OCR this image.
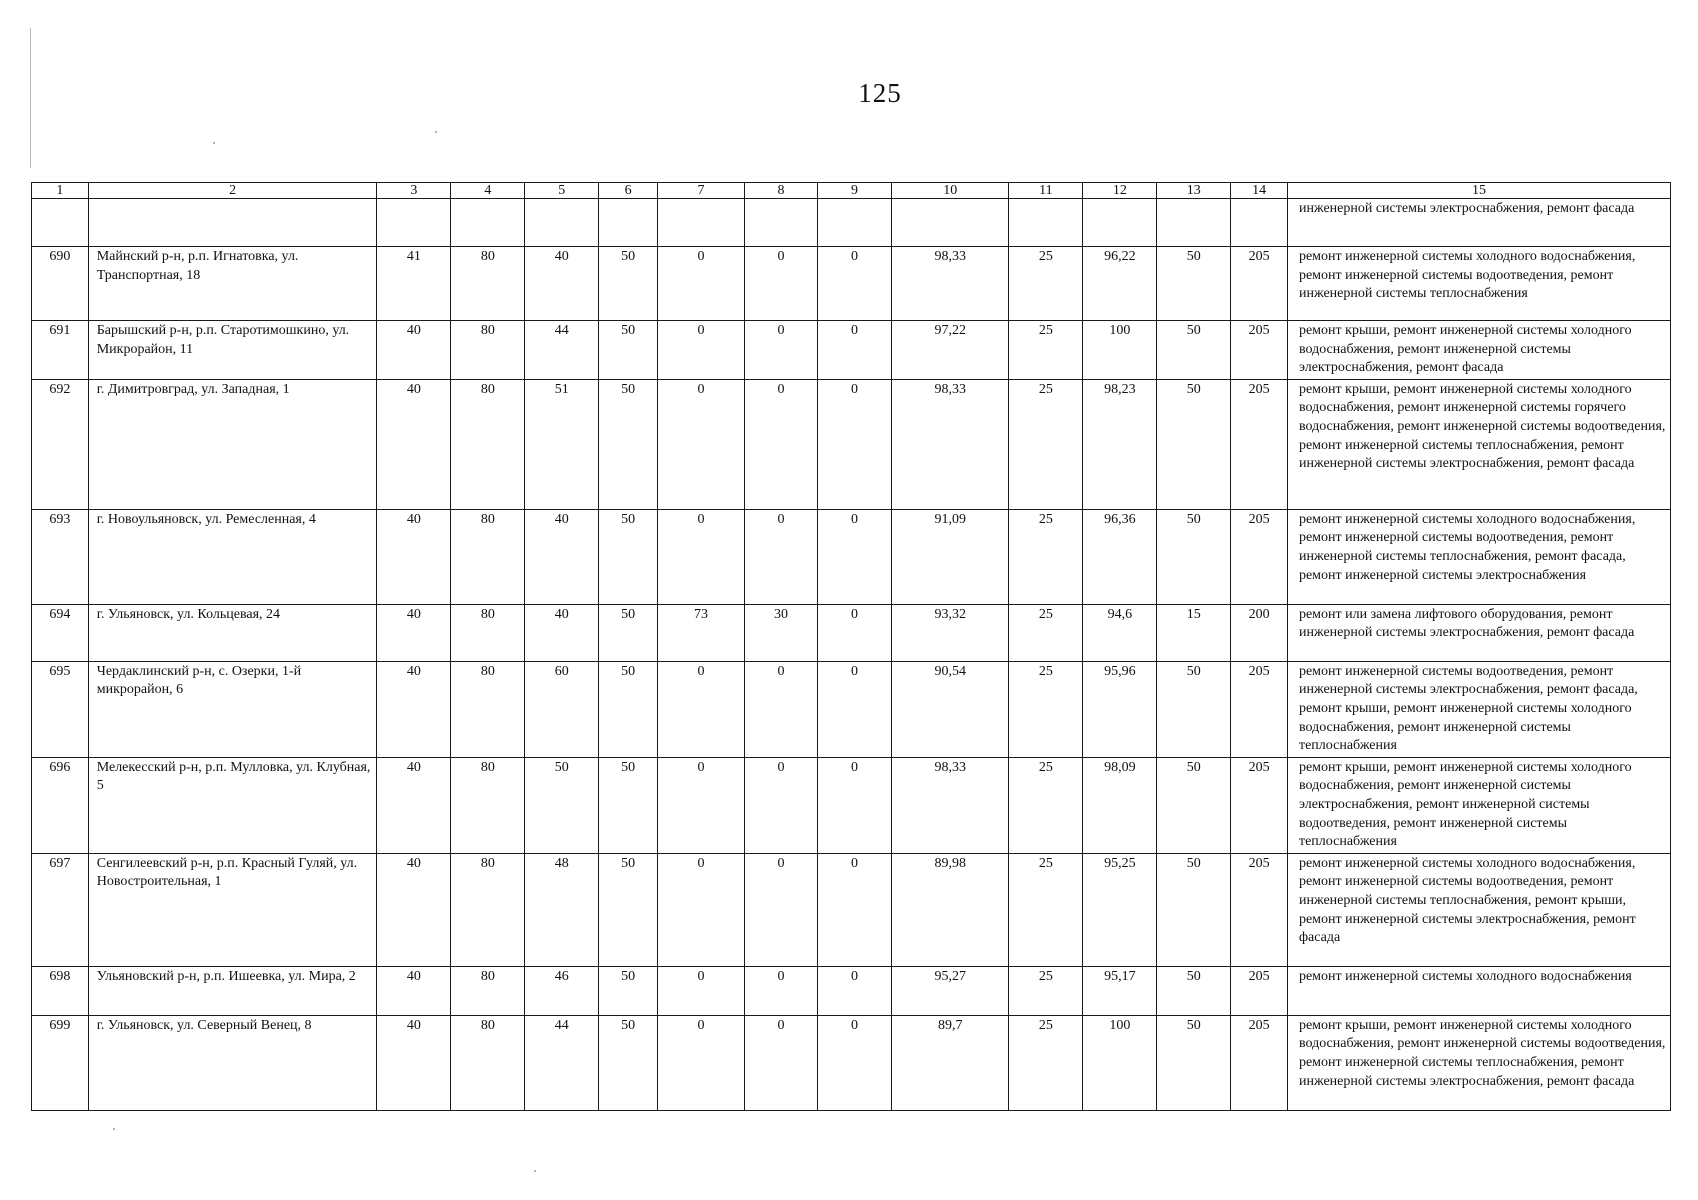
125
1	2	3	4	5	6	7	8	9	10	11	12	13	14	15
														инженерной системы электроснабжения, ремонт фасада
690	Майнский р-н, р.п. Игнатовка, ул. Транспортная, 18	41	80	40	50	0	0	0	98,33	25	96,22	50	205	ремонт инженерной системы холодного водоснабжения, ремонт инженерной системы водоотведения, ремонт инженерной системы теплоснабжения
691	Барышский р-н, р.п. Старотимошкино, ул. Микрорайон, 11	40	80	44	50	0	0	0	97,22	25	100	50	205	ремонт крыши, ремонт инженерной системы холодного водоснабжения, ремонт инженерной системы электроснабжения, ремонт фасада
692	г. Димитровград, ул. Западная, 1	40	80	51	50	0	0	0	98,33	25	98,23	50	205	ремонт крыши, ремонт инженерной системы холодного водоснабжения, ремонт инженерной системы горячего водоснабжения, ремонт инженерной системы водоотведения, ремонт инженерной системы теплоснабжения, ремонт инженерной системы электроснабжения, ремонт фасада
693	г. Новоульяновск, ул. Ремесленная, 4	40	80	40	50	0	0	0	91,09	25	96,36	50	205	ремонт инженерной системы холодного водоснабжения, ремонт инженерной системы водоотведения, ремонт инженерной системы теплоснабжения, ремонт фасада, ремонт инженерной системы электроснабжения
694	г. Ульяновск, ул. Кольцевая, 24	40	80	40	50	73	30	0	93,32	25	94,6	15	200	ремонт или замена лифтового оборудования, ремонт инженерной системы электроснабжения, ремонт фасада
695	Чердаклинский р-н, с. Озерки, 1-й микрорайон, 6	40	80	60	50	0	0	0	90,54	25	95,96	50	205	ремонт инженерной системы водоотведения, ремонт инженерной системы электроснабжения, ремонт фасада, ремонт крыши, ремонт инженерной системы холодного водоснабжения, ремонт инженерной системы теплоснабжения
696	Мелекесский р-н, р.п. Мулловка, ул. Клубная, 5	40	80	50	50	0	0	0	98,33	25	98,09	50	205	ремонт крыши, ремонт инженерной системы холодного водоснабжения, ремонт инженерной системы электроснабжения, ремонт инженерной системы водоотведения, ремонт инженерной системы теплоснабжения
697	Сенгилеевский р-н, р.п. Красный Гуляй, ул. Новостроительная, 1	40	80	48	50	0	0	0	89,98	25	95,25	50	205	ремонт инженерной системы холодного водоснабжения, ремонт инженерной системы водоотведения, ремонт инженерной системы теплоснабжения, ремонт крыши, ремонт инженерной системы электроснабжения, ремонт фасада
698	Ульяновский р-н, р.п. Ишеевка, ул. Мира, 2	40	80	46	50	0	0	0	95,27	25	95,17	50	205	ремонт инженерной системы холодного водоснабжения
699	г. Ульяновск, ул. Северный Венец, 8	40	80	44	50	0	0	0	89,7	25	100	50	205	ремонт крыши, ремонт инженерной системы холодного водоснабжения, ремонт инженерной системы водоотведения, ремонт инженерной системы теплоснабжения, ремонт инженерной системы электроснабжения, ремонт фасада
